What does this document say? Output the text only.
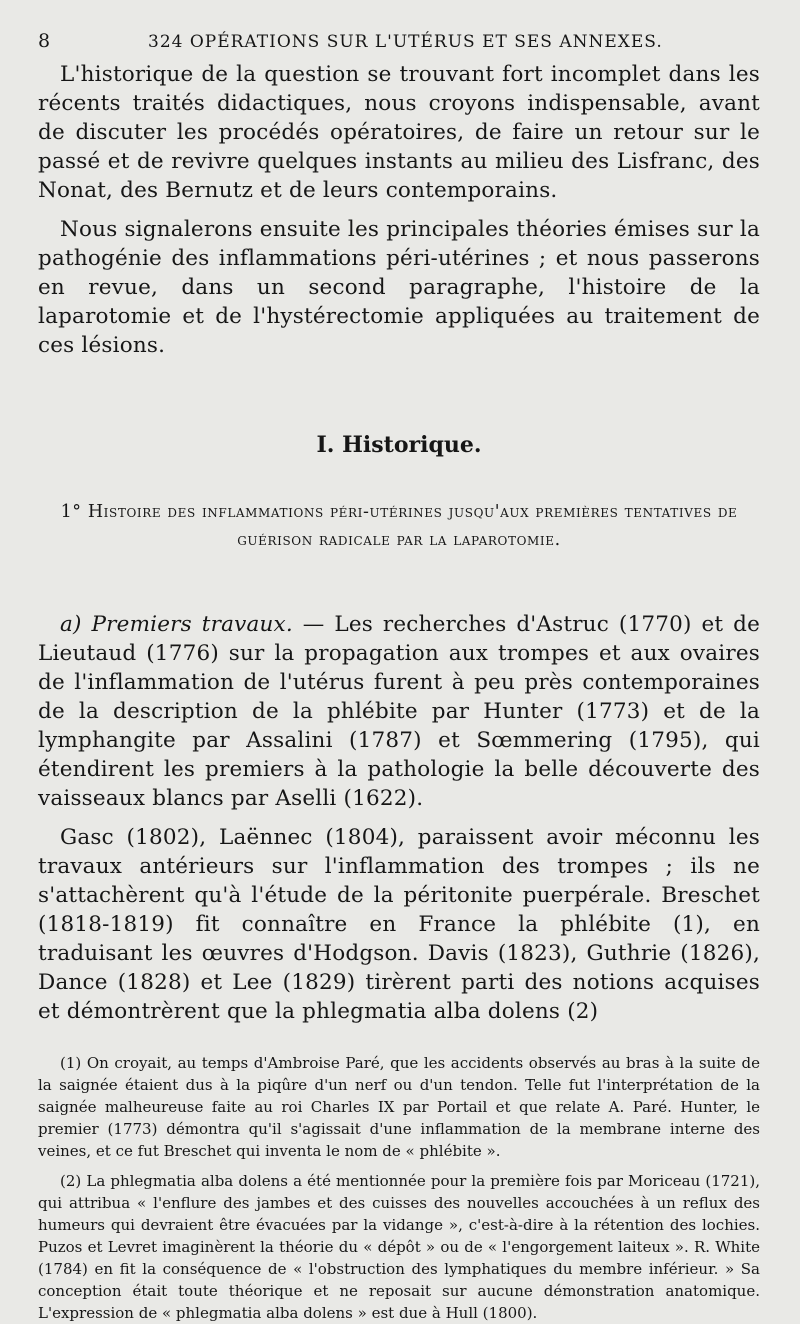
8	324 OPÉRATIONS SUR L'UTÉRUS ET SES ANNEXES.

L'historique de la question se trouvant fort incomplet dans les récents traités didactiques, nous croyons indispensable, avant de discuter les procédés opératoires, de faire un retour sur le passé et de revivre quelques instants au milieu des Lisfranc, des Nonat, des Bernutz et de leurs contemporains.

Nous signalerons ensuite les principales théories émises sur la pathogénie des inflammations péri-utérines ; et nous passerons en revue, dans un second paragraphe, l'histoire de la laparotomie et de l'hystérectomie appliquées au traitement de ces lésions.

I. Historique.
1° Histoire des inflammations péri-utérines jusqu'aux premières tentatives de guérison radicale par la laparotomie.

a) Premiers travaux. — Les recherches d'Astruc (1770) et de Lieutaud (1776) sur la propagation aux trompes et aux ovaires de l'inflammation de l'utérus furent à peu près contemporaines de la description de la phlébite par Hunter (1773) et de la lymphangite par Assalini (1787) et Sœmmering (1795), qui étendirent les premiers à la pathologie la belle découverte des vaisseaux blancs par Aselli (1622).

Gasc (1802), Laënnec (1804), paraissent avoir méconnu les travaux antérieurs sur l'inflammation des trompes ; ils ne s'attachèrent qu'à l'étude de la péritonite puerpérale. Breschet (1818-1819) fit connaître en France la phlébite (1), en traduisant les œuvres d'Hodgson. Davis (1823), Guthrie (1826), Dance (1828) et Lee (1829) tirèrent parti des notions acquises et démontrèrent que la phlegmatia alba dolens (2)

(1) On croyait, au temps d'Ambroise Paré, que les accidents observés au bras à la suite de la saignée étaient dus à la piqûre d'un nerf ou d'un tendon. Telle fut l'interprétation de la saignée malheureuse faite au roi Charles IX par Portail et que relate A. Paré. Hunter, le premier (1773) démontra qu'il s'agissait d'une inflammation de la membrane interne des veines, et ce fut Breschet qui inventa le nom de « phlébite ».

(2) La phlegmatia alba dolens a été mentionnée pour la première fois par Moriceau (1721), qui attribua « l'enflure des jambes et des cuisses des nouvelles accouchées à un reflux des humeurs qui devraient être évacuées par la vidange », c'est-à-dire à la rétention des lochies. Puzos et Levret imaginèrent la théorie du « dépôt » ou de « l'engorgement laiteux ». R. White (1784) en fit la conséquence de « l'obstruction des lymphatiques du membre inférieur. » Sa conception était toute théorique et ne reposait sur aucune démonstration anatomique. L'expression de « phlegmatia alba dolens » est due à Hull (1800).
